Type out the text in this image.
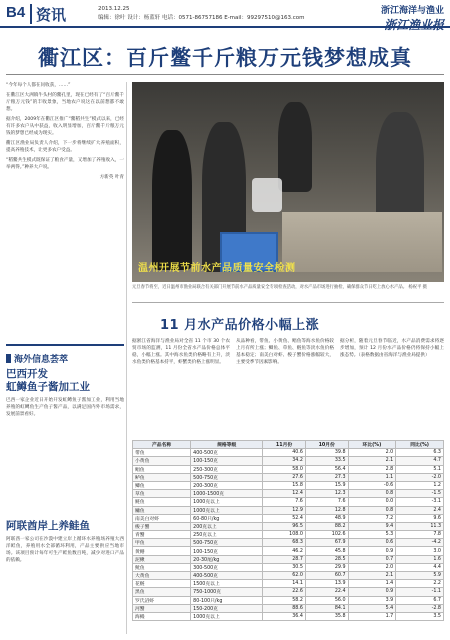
B4 资讯	2013.12.25
编辑：徐叶 设计：杨蓝轩 电话：0571-86757186 E-mail：99297510@163.com
浙江海洋与渔业
浙江渔业报
衢江区：百斤鳖千斤粮万元钱梦想成真
“今年每个人都在问收获，……”

在衢江区大洲镇牛头村的鳖孔里，现在已经有了“百斤鳖千斤粮万元钱”的丰收景象，当地农户说这在以前想都不敢想。

据介绍，2009年在衢江区推广“鳖稻共生”模式以来，已经有许多农户从中获益，收入明显增加，百斤鳖千斤粮万元钱的梦想已经成为现实。

衢江区渔业局负责人介绍，下一步将继续扩大养殖面积，提高养殖技术，让更多农户受益。

“稻鳖共生模式既保证了粮食产量，又增加了养殖收入，一举两得。”种养大户说。

方新英 叶青

海外信息荟萃
巴西开发
虹鳟鱼子酱加工业

巴西一家企业近日开始开发虹鳟鱼子酱加工业，利用当地养殖的虹鳟鱼生产鱼子酱产品，以满足国内外市场需求，发展前景看好。

阿联酋岸上养鲑鱼

阿联酋一家公司在沙漠中建立岸上循环水养殖场养殖大西洋鲑鱼，养殖用水全部循环利用，产品主要供应当地市场。该项目预计每年可生产鲑鱼数百吨，减少对进口产品的依赖。

温州开展节前水产品质量安全检测
元旦春节将至，近日温州市渔业局联合有关部门开展节前水产品质量安全专项检查活动，对水产品市场进行抽检，确保群众节日吃上放心水产品。 杨祝平 摄
11 月水产品价格小幅上涨

据浙江省海洋与渔业局对全省 11 个市 30 个农贸市场的监测，11 月份全省水产品价格总体平稳，小幅上涨。其中海水鱼类价格略有上升，淡水鱼类价格基本持平，虾蟹类价格上涨明显。

从品种看，带鱼、小黄鱼、鲳鱼等海水鱼价格较上月有所上涨；鲫鱼、草鱼、鲢鱼等淡水鱼价格基本稳定；南美白对虾、梭子蟹价格涨幅较大，主要受季节因素影响。

据分析，随着元旦春节临近，水产品消费需求将逐步增加，预计 12 月份水产品价格仍将保持小幅上涨态势。（表格数据由省海洋与渔业局提供）

产品名称	规格等级	11月份	10月份	环比(%)	同比(%)
带鱼	400-500克	40.6	39.8	2.0	6.3
小黄鱼	100-150克	34.2	33.5	2.1	4.7
鲳鱼	250-300克	58.0	56.4	2.8	5.1
鲈鱼	500-750克	27.6	27.3	1.1	-2.0
鲫鱼	200-300克	15.8	15.9	-0.6	1.2
草鱼	1000-1500克	12.4	12.3	0.8	-1.5
鲢鱼	1000克以上	7.6	7.6	0.0	-3.1
鳙鱼	1000克以上	12.9	12.8	0.8	2.4
南美白对虾	60-80只/kg	52.4	48.9	7.2	9.6
梭子蟹	200克以上	96.5	88.2	9.4	11.3
青蟹	250克以上	108.0	102.6	5.3	7.8
甲鱼	500-750克	68.3	67.9	0.6	-4.2
黄鳝	100-150克	46.2	45.8	0.9	3.0
泥鳅	20-30尾/kg	28.7	28.5	0.7	1.6
鱿鱼	300-500克	30.5	29.9	2.0	4.4
大黄鱼	400-500克	62.0	60.7	2.1	5.9
花鲢	1500克以上	14.1	13.9	1.4	2.2
黑鱼	750-1000克	22.6	22.4	0.9	-1.1
罗氏沼虾	80-100只/kg	58.2	56.0	3.9	6.7
河蟹	150-200克	88.6	84.1	5.4	-2.8
海鳗	1000克以上	36.4	35.8	1.7	3.5
